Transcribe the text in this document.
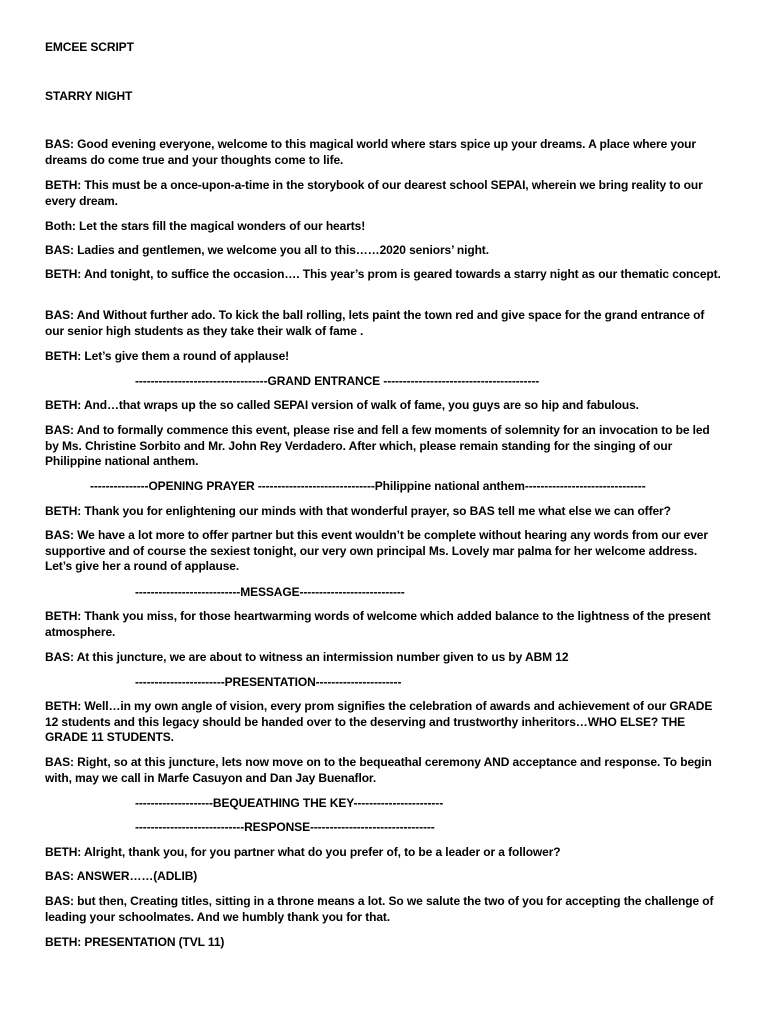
EMCEE SCRIPT

STARRY NIGHT

BAS: Good evening everyone, welcome to this magical world where stars spice up your dreams. A place where your dreams do come true and your thoughts come to life.

BETH: This must be a once-upon-a-time in the storybook of our dearest school SEPAI, wherein we bring reality to our every dream.

Both: Let the stars fill the magical wonders of our hearts!

BAS: Ladies and gentlemen, we welcome you all to this……2020 seniors’ night.

BETH: And tonight, to suffice the occasion…. This year’s prom is geared towards a starry night as our thematic concept.

BAS: And Without further ado. To kick the ball rolling, lets paint the town red and give space for the grand entrance of our senior high students as they take their walk of fame .

BETH: Let’s give them a round of applause!

----------------------------------GRAND ENTRANCE ----------------------------------------

BETH: And…that wraps up the so called SEPAI version of walk of fame, you guys are so hip and fabulous.

BAS: And to formally commence this event, please rise and fell a few moments of solemnity for an invocation to be led by Ms. Christine Sorbito and Mr. John Rey Verdadero. After which, please remain standing for the singing of our Philippine national anthem.

---------------OPENING PRAYER ------------------------------Philippine national anthem-------------------------------

BETH: Thank you for enlightening our minds with that wonderful prayer, so BAS tell me what else we can offer?

BAS: We have a lot more to offer partner but this event wouldn’t be complete without hearing any words from our ever supportive and of course the sexiest tonight, our very own principal Ms. Lovely mar palma for her welcome address. Let’s give her a round of applause.

---------------------------MESSAGE---------------------------

BETH: Thank you miss, for those heartwarming words of welcome which added balance to the lightness of the present atmosphere.

BAS: At this juncture, we are about to witness an intermission number given to us by ABM 12

-----------------------PRESENTATION----------------------

BETH: Well…in my own angle of vision, every prom signifies the celebration of awards and achievement of our GRADE 12 students and this legacy should be handed over to the deserving and trustworthy inheritors…WHO ELSE? THE GRADE 11 STUDENTS.

BAS: Right, so at this juncture, lets now move on to the bequeathal ceremony AND acceptance and response. To begin with, may we call in Marfe Casuyon and Dan Jay Buenaflor.

--------------------BEQUEATHING THE KEY-----------------------

----------------------------RESPONSE--------------------------------

BETH: Alright, thank you, for you partner what do you prefer of, to be a leader or a follower?

BAS: ANSWER……(ADLIB)

BAS: but then, Creating titles, sitting in a throne means a lot. So we salute the two of you for accepting the challenge of leading your schoolmates. And we humbly thank you for that.

BETH: PRESENTATION (TVL 11)
